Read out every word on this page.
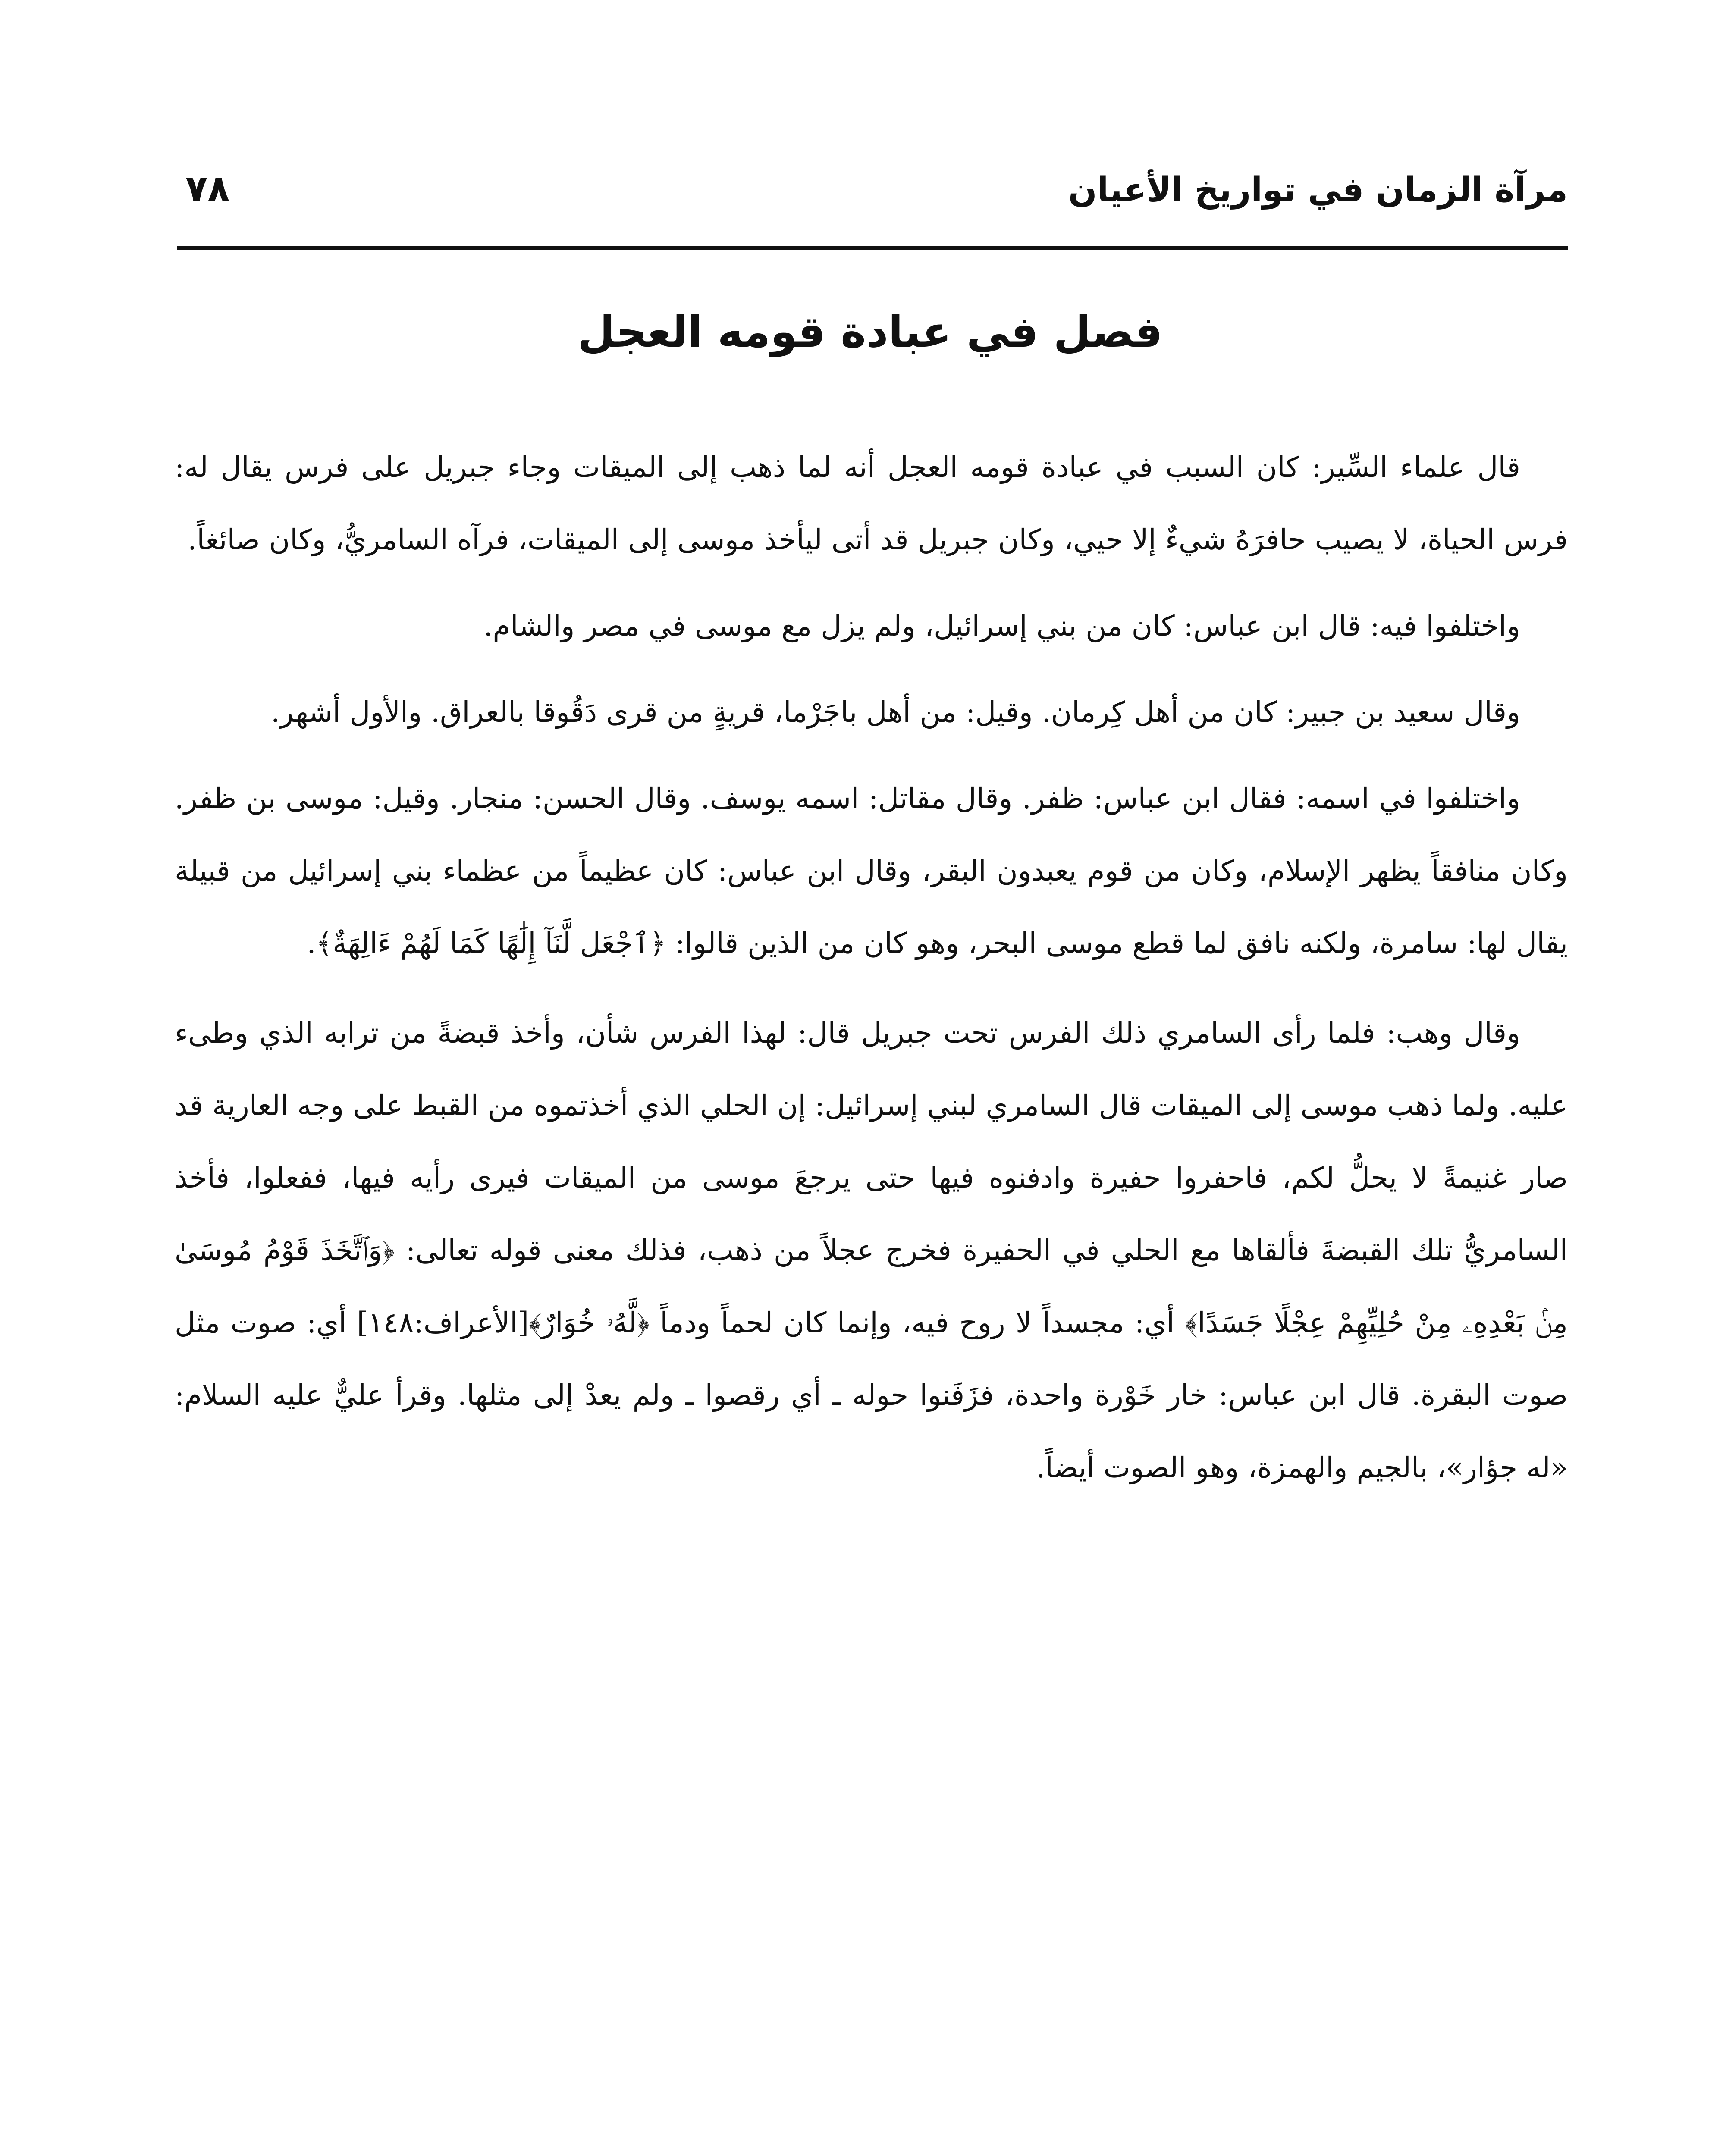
مرآة الزمان في تواريخ الأعيان
٧٨
فصل في عبادة قومه العجل

قال علماء السِّير: كان السبب في عبادة قومه العجل أنه لما ذهب إلى الميقات وجاء جبريل على فرس يقال له: فرس الحياة، لا يصيب حافرَهُ شيءٌ إلا حيي، وكان جبريل قد أتى ليأخذ موسى إلى الميقات، فرآه السامريُّ، وكان صائغاً.

واختلفوا فيه: قال ابن عباس: كان من بني إسرائيل، ولم يزل مع موسى في مصر والشام.

وقال سعيد بن جبير: كان من أهل كِرمان. وقيل: من أهل باجَرْما، قريةٍ من قرى دَقُوقا بالعراق. والأول أشهر.

واختلفوا في اسمه: فقال ابن عباس: ظفر. وقال مقاتل: اسمه يوسف. وقال الحسن: منجار. وقيل: موسى بن ظفر. وكان منافقاً يظهر الإسلام، وكان من قوم يعبدون البقر، وقال ابن عباس: كان عظيماً من عظماء بني إسرائيل من قبيلة يقال لها: سامرة، ولكنه نافق لما قطع موسى البحر، وهو كان من الذين قالوا: ﴿ٱجْعَل لَّنَآ إِلَٰهًا كَمَا لَهُمْ ءَالِهَةٌ﴾.

وقال وهب: فلما رأى السامري ذلك الفرس تحت جبريل قال: لهذا الفرس شأن، وأخذ قبضةً من ترابه الذي وطىء عليه. ولما ذهب موسى إلى الميقات قال السامري لبني إسرائيل: إن الحلي الذي أخذتموه من القبط على وجه العارية قد صار غنيمةً لا يحلُّ لكم، فاحفروا حفيرة وادفنوه فيها حتى يرجعَ موسى من الميقات فيرى رأيه فيها، ففعلوا، فأخذ السامريُّ تلك القبضةَ فألقاها مع الحلي في الحفيرة فخرج عجلاً من ذهب، فذلك معنى قوله تعالى: ﴿وَٱتَّخَذَ قَوْمُ مُوسَىٰ مِنۢ بَعْدِهِۦ مِنْ حُلِيِّهِمْ عِجْلًا جَسَدًا﴾ أي: مجسداً لا روح فيه، وإنما كان لحماً ودماً ﴿لَّهُۥ خُوَارٌ﴾[الأعراف:١٤٨] أي: صوت مثل صوت البقرة. قال ابن عباس: خار خَوْرة واحدة، فزَفَنوا حوله ـ أي رقصوا ـ ولم يعدْ إلى مثلها. وقرأ عليٌّ عليه السلام: «له جؤار»، بالجيم والهمزة، وهو الصوت أيضاً.
